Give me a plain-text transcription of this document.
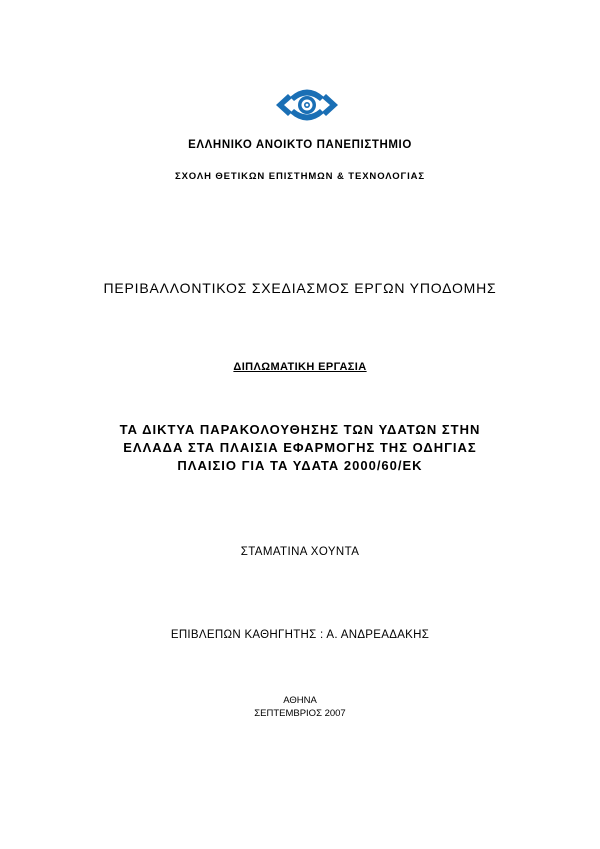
ΕΛΛΗΝΙΚΟ ΑΝΟΙΚΤΟ ΠΑΝΕΠΙΣΤΗΜΙΟ
ΣΧΟΛΗ ΘΕΤΙΚΩΝ ΕΠΙΣΤΗΜΩΝ & ΤΕΧΝΟΛΟΓΙΑΣ
ΠΕΡΙΒΑΛΛΟΝΤΙΚΟΣ ΣΧΕΔΙΑΣΜΟΣ ΕΡΓΩΝ ΥΠΟΔΟΜΗΣ
ΔΙΠΛΩΜΑΤΙΚΗ ΕΡΓΑΣΙΑ
ΤΑ ΔΙΚΤΥΑ ΠΑΡΑΚΟΛΟΥΘΗΣΗΣ ΤΩΝ ΥΔΑΤΩΝ ΣΤΗΝ
ΕΛΛΑΔΑ ΣΤΑ ΠΛΑΙΣΙΑ ΕΦΑΡΜΟΓΗΣ ΤΗΣ ΟΔΗΓΙΑΣ
ΠΛΑΙΣΙΟ ΓΙΑ ΤΑ ΥΔΑΤΑ 2000/60/ΕΚ
ΣΤΑΜΑΤΙΝΑ ΧΟΥΝΤΑ
ΕΠΙΒΛΕΠΩΝ ΚΑΘΗΓΗΤΗΣ : Α. ΑΝΔΡΕΑΔΑΚΗΣ
ΑΘΗΝΑ
ΣΕΠΤΕΜΒΡΙΟΣ 2007
